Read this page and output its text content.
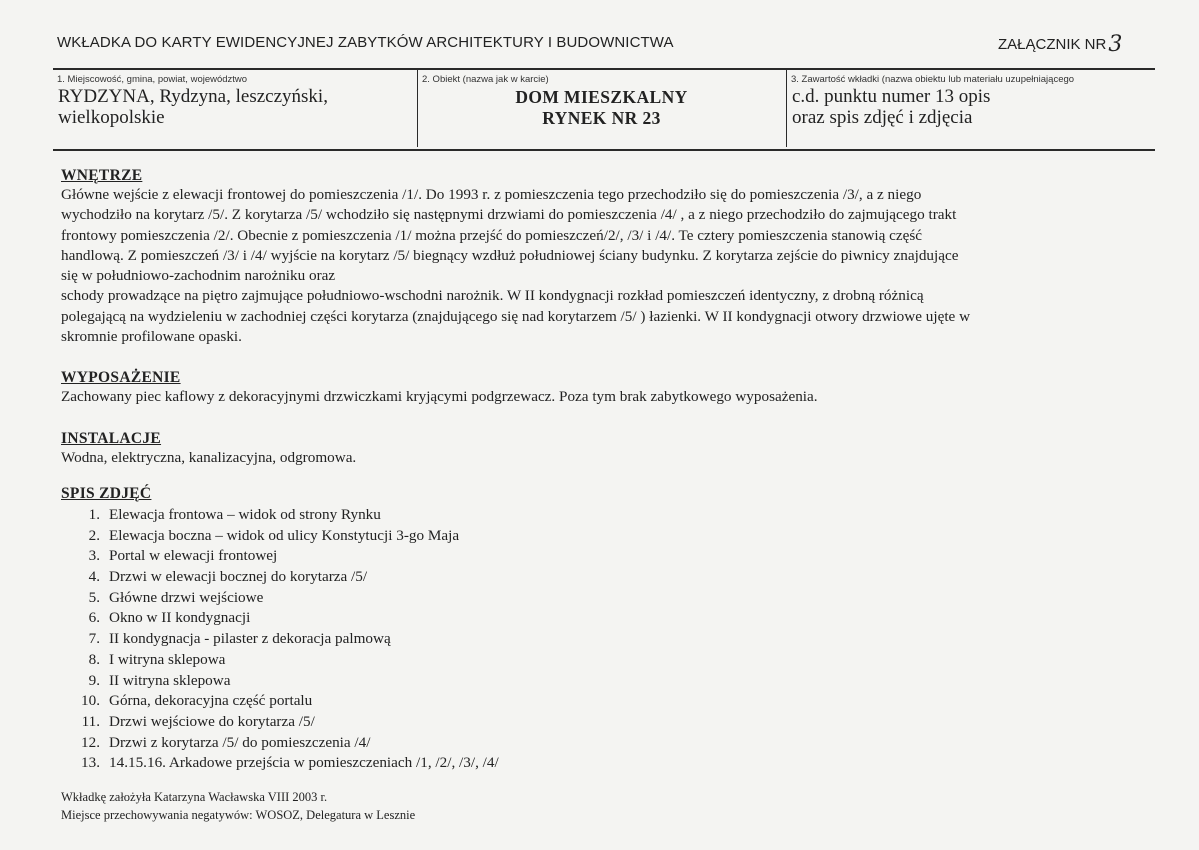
WKŁADKA DO KARTY EWIDENCYJNEJ ZABYTKÓW ARCHITEKTURY I BUDOWNICTWA	ZAŁĄCZNIK NR3
1. Miejscowość, gmina, powiat, województwo
RYDZYNA, Rydzyna, leszczyński,
wielkopolskie
2. Obiekt (nazwa jak w karcie)
DOM MIESZKALNY
RYNEK NR 23
3. Zawartość wkładki (nazwa obiektu lub materiału uzupełniającego
c.d. punktu numer 13 opis
oraz spis zdjęć i zdjęcia
WNĘTRZE
Główne wejście z elewacji frontowej do pomieszczenia /1/. Do 1993 r. z pomieszczenia tego przechodziło się do pomieszczenia /3/, a z niego
wychodziło na korytarz /5/. Z korytarza /5/ wchodziło się następnymi drzwiami do pomieszczenia /4/ , a z niego przechodziło do zajmującego trakt
frontowy pomieszczenia /2/. Obecnie z pomieszczenia /1/ można przejść do pomieszczeń/2/, /3/ i /4/. Te cztery pomieszczenia stanowią część
handlową. Z pomieszczeń /3/ i /4/ wyjście na korytarz /5/ biegnący wzdłuż południowej ściany budynku. Z korytarza zejście do piwnicy znajdujące
się w południowo-zachodnim narożniku oraz
schody prowadzące na piętro zajmujące południowo-wschodni narożnik. W II kondygnacji rozkład pomieszczeń identyczny, z drobną różnicą
polegającą na wydzieleniu w zachodniej części korytarza (znajdującego się nad korytarzem /5/ ) łazienki. W II kondygnacji otwory drzwiowe ujęte w
skromnie profilowane opaski.
WYPOSAŻENIE
Zachowany piec kaflowy z dekoracyjnymi drzwiczkami kryjącymi podgrzewacz. Poza tym brak zabytkowego wyposażenia.
INSTALACJE
Wodna, elektryczna, kanalizacyjna, odgromowa.
SPIS ZDJĘĆ
1. Elewacja frontowa – widok od strony Rynku
2. Elewacja boczna – widok od ulicy Konstytucji 3-go Maja
3. Portal w elewacji frontowej
4. Drzwi w elewacji bocznej do korytarza /5/
5. Główne drzwi wejściowe
6. Okno w II kondygnacji
7. II kondygnacja - pilaster z dekoracja palmową
8. I witryna sklepowa
9. II witryna sklepowa
10. Górna, dekoracyjna część portalu
11. Drzwi wejściowe do korytarza /5/
12. Drzwi z korytarza /5/ do pomieszczenia /4/
13. 14.15.16. Arkadowe przejścia w pomieszczeniach /1, /2/, /3/, /4/
Wkładkę założyła Katarzyna Wacławska VIII 2003 r.
Miejsce przechowywania negatywów: WOSOZ, Delegatura w Lesznie
